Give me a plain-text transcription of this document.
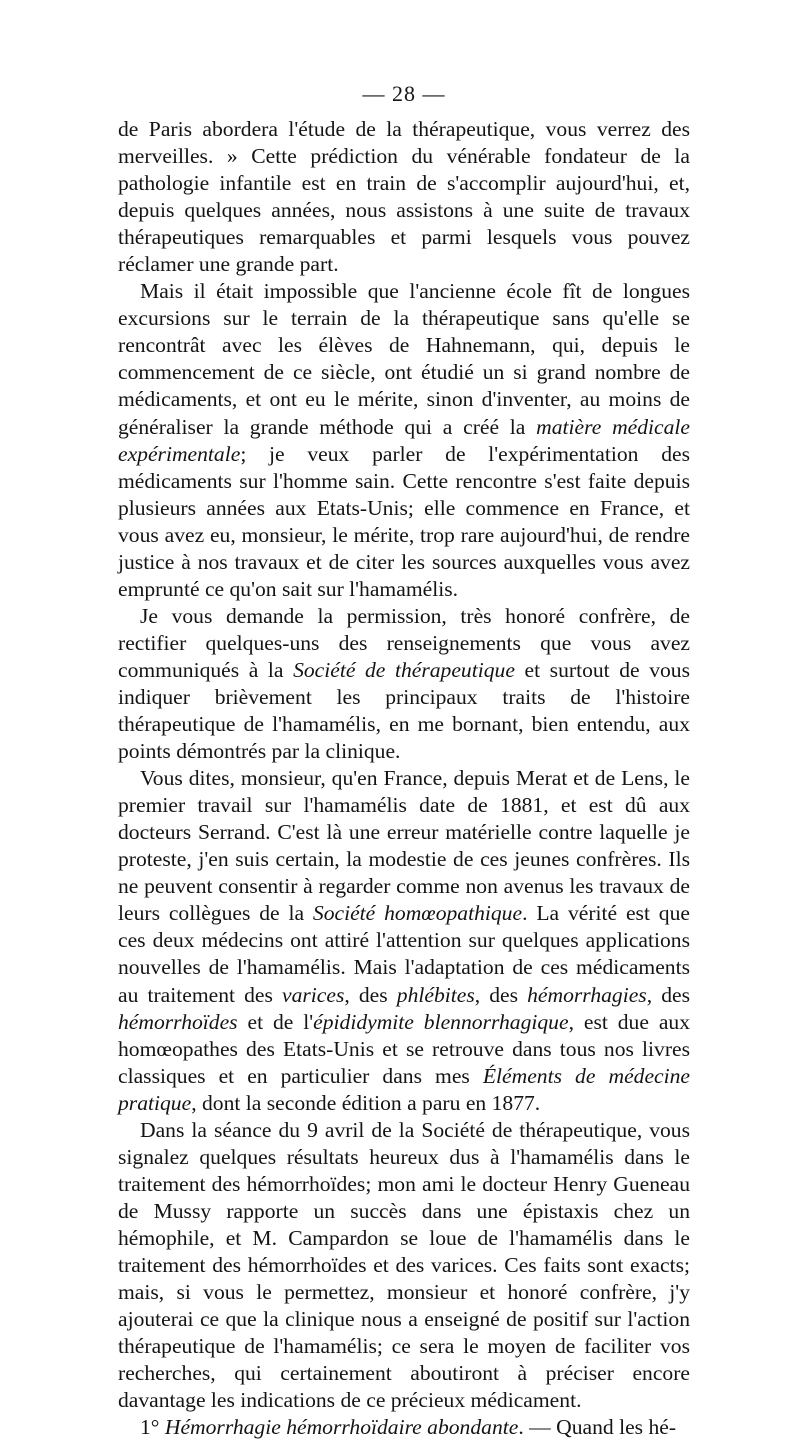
— 28 —

de Paris abordera l'étude de la thérapeutique, vous verrez des merveilles. » Cette prédiction du vénérable fondateur de la pathologie infantile est en train de s'accomplir aujourd'hui, et, depuis quelques années, nous assistons à une suite de travaux thérapeutiques remarquables et parmi lesquels vous pouvez réclamer une grande part.

Mais il était impossible que l'ancienne école fît de longues excursions sur le terrain de la thérapeutique sans qu'elle se rencontrât avec les élèves de Hahnemann, qui, depuis le commencement de ce siècle, ont étudié un si grand nombre de médicaments, et ont eu le mérite, sinon d'inventer, au moins de généraliser la grande méthode qui a créé la matière médicale expérimentale; je veux parler de l'expérimentation des médicaments sur l'homme sain. Cette rencontre s'est faite depuis plusieurs années aux Etats-Unis; elle commence en France, et vous avez eu, monsieur, le mérite, trop rare aujourd'hui, de rendre justice à nos travaux et de citer les sources auxquelles vous avez emprunté ce qu'on sait sur l'hamamélis.

Je vous demande la permission, très honoré confrère, de rectifier quelques-uns des renseignements que vous avez communiqués à la Société de thérapeutique et surtout de vous indiquer brièvement les principaux traits de l'histoire thérapeutique de l'hamamélis, en me bornant, bien entendu, aux points démontrés par la clinique.

Vous dites, monsieur, qu'en France, depuis Merat et de Lens, le premier travail sur l'hamamélis date de 1881, et est dû aux docteurs Serrand. C'est là une erreur matérielle contre laquelle je proteste, j'en suis certain, la modestie de ces jeunes confrères. Ils ne peuvent consentir à regarder comme non avenus les travaux de leurs collègues de la Société homœopathique. La vérité est que ces deux médecins ont attiré l'attention sur quelques applications nouvelles de l'hamamélis. Mais l'adaptation de ces médicaments au traitement des varices, des phlébites, des hémorrhagies, des hémorrhoïdes et de l'épididymite blennorrhagique, est due aux homœopathes des Etats-Unis et se retrouve dans tous nos livres classiques et en particulier dans mes Éléments de médecine pratique, dont la seconde édition a paru en 1877.

Dans la séance du 9 avril de la Société de thérapeutique, vous signalez quelques résultats heureux dus à l'hamamélis dans le traitement des hémorrhoïdes; mon ami le docteur Henry Gueneau de Mussy rapporte un succès dans une épistaxis chez un hémophile, et M. Campardon se loue de l'hamamélis dans le traitement des hémorrhoïdes et des varices. Ces faits sont exacts; mais, si vous le permettez, monsieur et honoré confrère, j'y ajouterai ce que la clinique nous a enseigné de positif sur l'action thérapeutique de l'hamamélis; ce sera le moyen de faciliter vos recherches, qui certainement aboutiront à préciser encore davantage les indications de ce précieux médicament.

1° Hémorrhagie hémorrhoïdaire abondante. — Quand les hé-
